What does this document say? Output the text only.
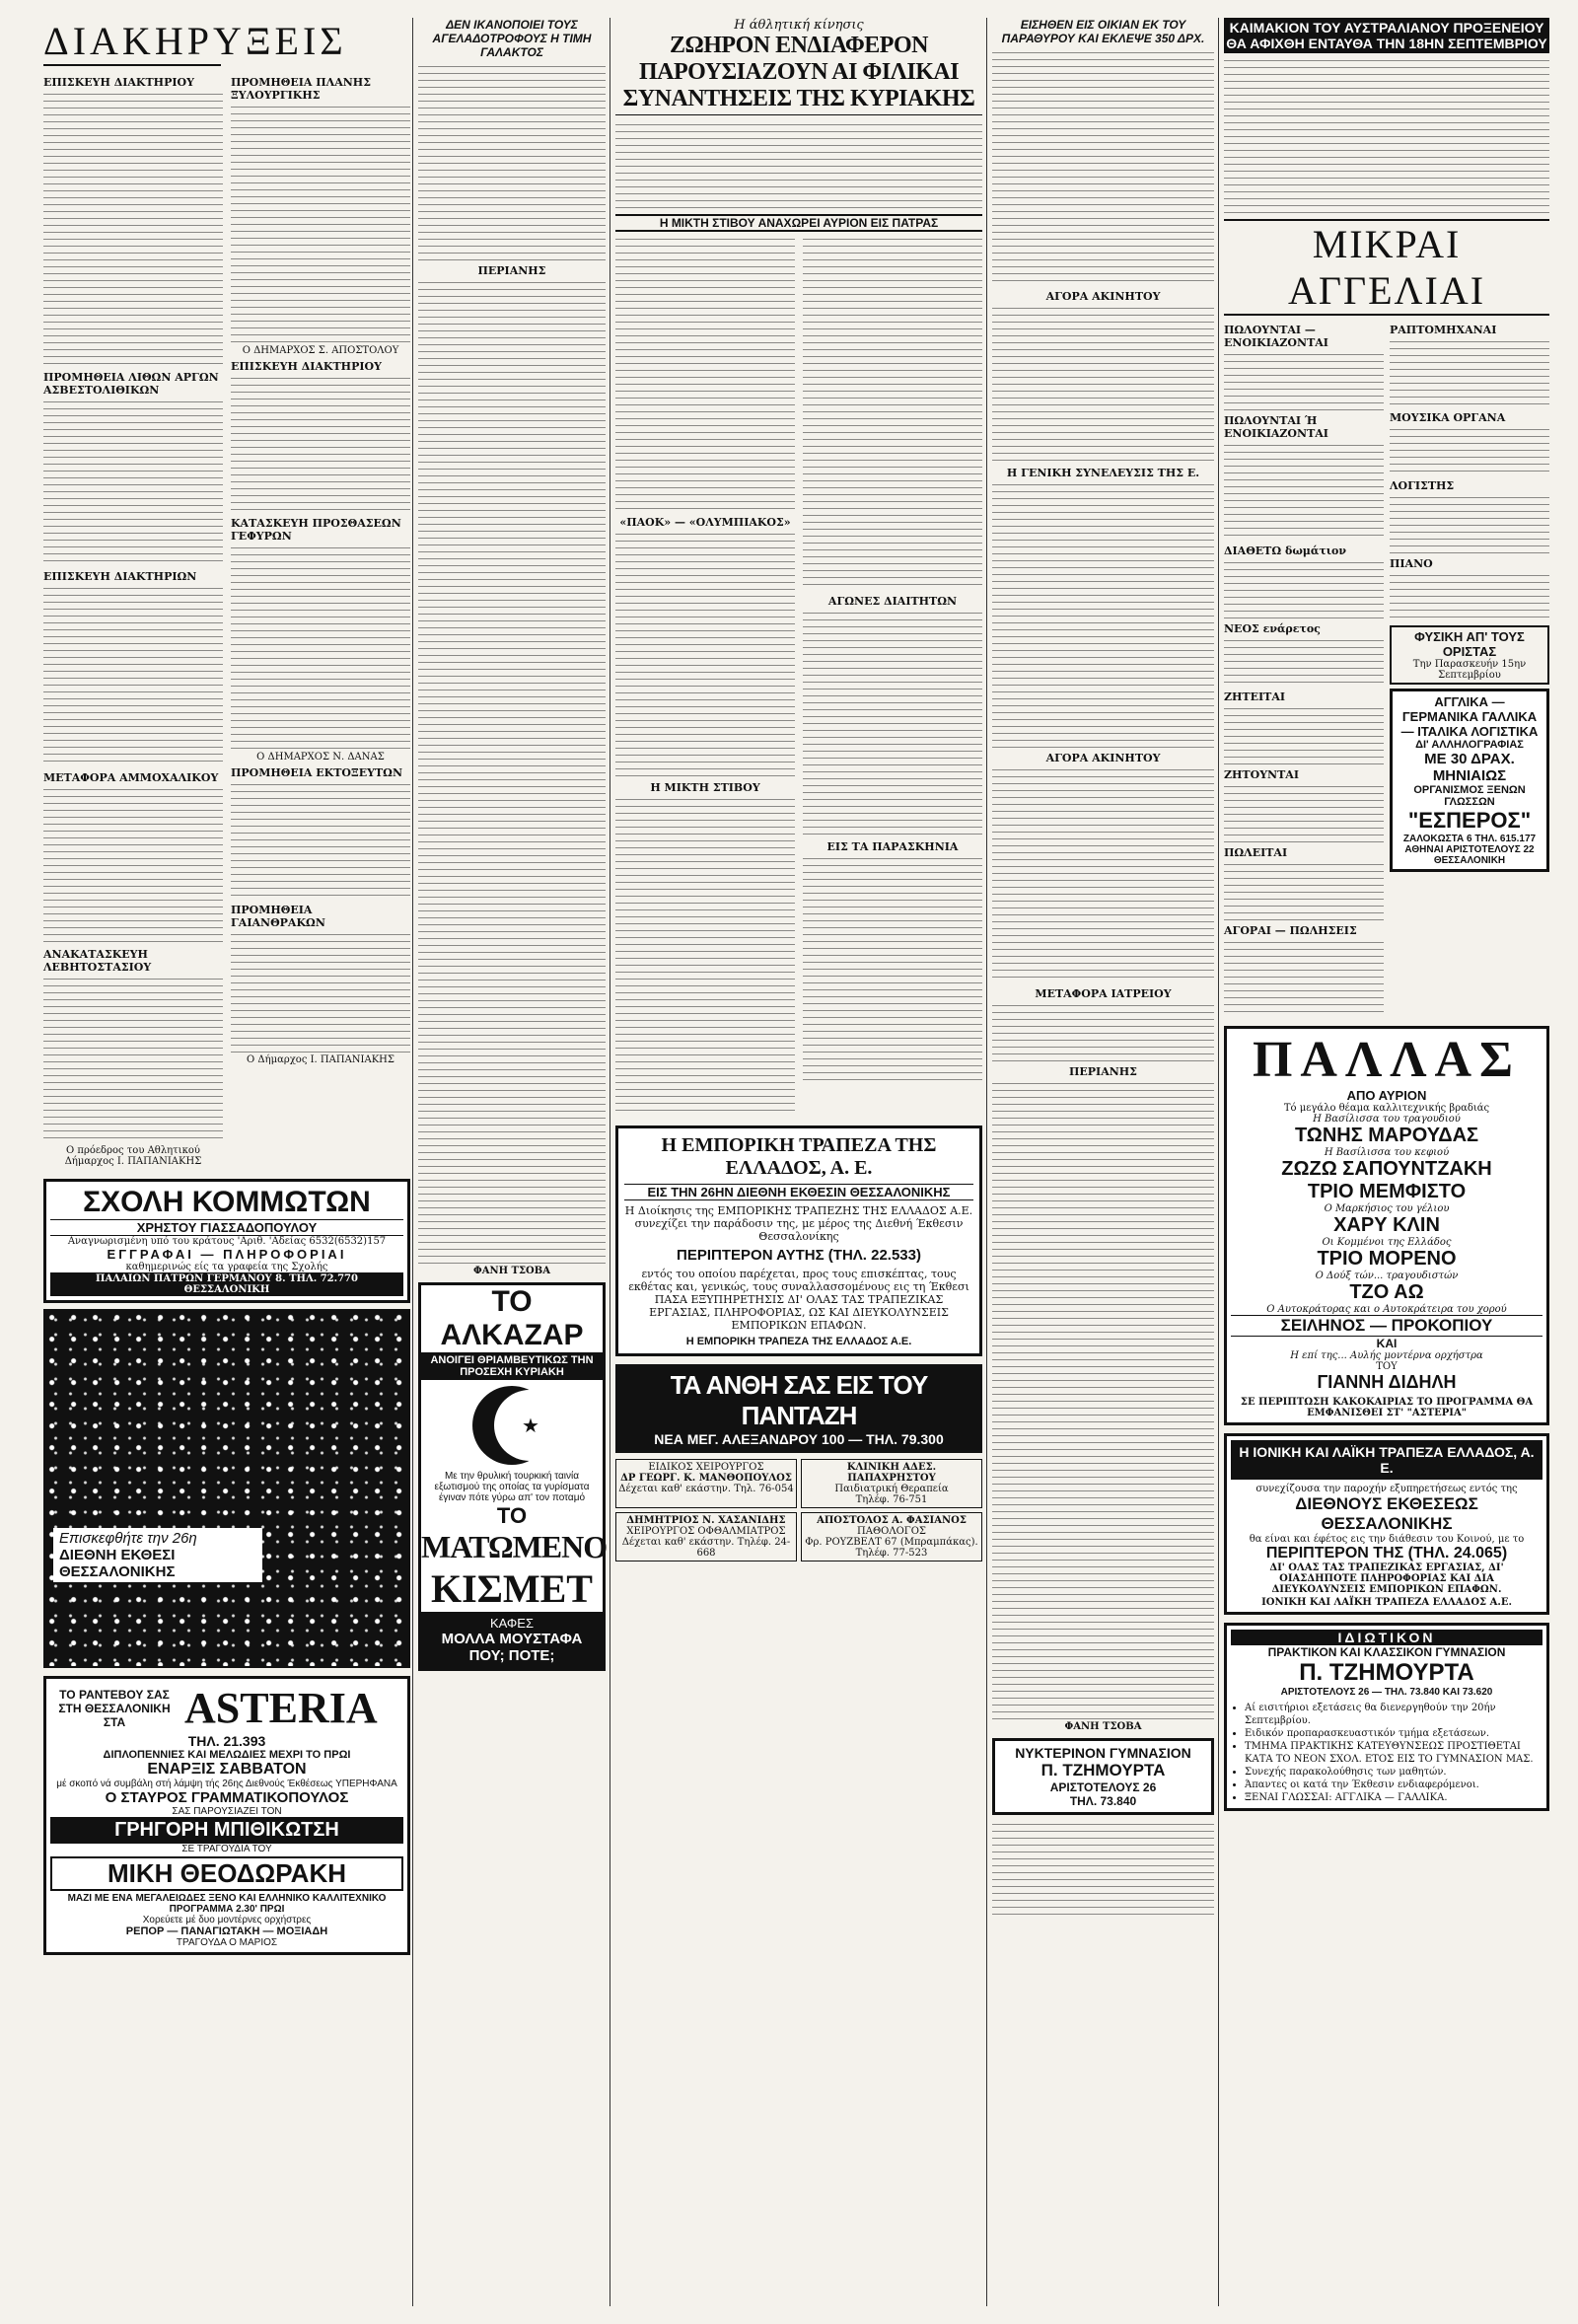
ΔΙΑΚΗΡΥΞΕΙΣ
ΕΠΙΣΚΕΥΗ ΔΙΑΚΤΗΡΙΟΥ
ΠΡΟΜΗΘΕΙΑ ΛΙΘΩΝ ΑΡΓΩΝ ΑΣΒΕΣΤΟΛΙΘΙΚΩΝ
ΕΠΙΣΚΕΥΗ ΔΙΑΚΤΗΡΙΩΝ
ΜΕΤΑΦΟΡΑ ΑΜΜΟΧΑΛΙΚΟΥ
ΑΝΑΚΑΤΑΣΚΕΥΗ ΛΕΒΗΤΟΣΤΑΣΙΟΥ
Ο πρόεδρος του Αθλητικού Δήμαρχος Ι. ΠΑΠΑΝΙΑΚΗΣ
ΠΡΟΜΗΘΕΙΑ ΠΛΑΝΗΣ ΞΥΛΟΥΡΓΙΚΗΣ
Ο ΔΗΜΑΡΧΟΣ Σ. ΑΠΟΣΤΟΛΟΥ
ΕΠΙΣΚΕΥΗ ΔΙΑΚΤΗΡΙΟΥ
ΚΑΤΑΣΚΕΥΗ ΠΡΟΣΘΑΣΕΩΝ ΓΕΦΥΡΩΝ
Ο ΔΗΜΑΡΧΟΣ Ν. ΔΑΝΑΣ
ΠΡΟΜΗΘΕΙΑ ΕΚΤΟΞΕΥΤΩΝ
ΠΡΟΜΗΘΕΙΑ ΓΑΙΑΝΘΡΑΚΩΝ
Ο Δήμαρχος Ι. ΠΑΠΑΝΙΑΚΗΣ
ΣΧΟΛΗ ΚΟΜΜΩΤΩΝ
ΧΡΗΣΤΟΥ ΓΙΑΣΣΑΔΟΠΟΥΛΟΥ
Αναγνωρισμένη υπό του κράτους 'Αριθ. 'Αδείας 6532(6532)157
ΕΓΓΡΑΦΑΙ — ΠΛΗΡΟΦΟΡΙΑΙ
καθημερινώς είς τα γραφεία της Σχολής
ΠΑΛΑΙΩΝ ΠΑΤΡΩΝ ΓΕΡΜΑΝΟΥ 8. ΤΗΛ. 72.770 ΘΕΣΣΑΛΟΝΙΚΗ
Επισκεφθήτε την 26η
ΔΙΕΘΝΗ ΕΚΘΕΣΙ ΘΕΣΣΑΛΟΝΙΚΗΣ
ΤΟ ΡΑΝΤΕΒΟΥ ΣΑΣ ΣΤΗ ΘΕΣΣΑΛΟΝΙΚΗ ΣΤΑ	ASTERIA
ΤΗΛ. 21.393
ΔΙΠΛΟΠΕΝΝΙΕΣ ΚΑΙ ΜΕΛΩΔΙΕΣ ΜΕΧΡΙ ΤΟ ΠΡΩΙ
ΕΝΑΡΞΙΣ ΣΑΒΒΑΤΟΝ
μέ σκοπό νά συμβάλη στή λάμψη τής 26ης Διεθνούς Έκθέσεως ΥΠΕΡΗΦΑΝΑ
Ο ΣΤΑΥΡΟΣ ΓΡΑΜΜΑΤΙΚΟΠΟΥΛΟΣ
ΣΑΣ ΠΑΡΟΥΣΙΑΖΕΙ ΤΟΝ
ΓΡΗΓΟΡΗ ΜΠΙΘΙΚΩΤΣΗ
ΣΕ ΤΡΑΓΟΥΔΙΑ ΤΟΥ
ΜΙΚΗ ΘΕΟΔΩΡΑΚΗ
ΜΑΖΙ ΜΕ ΕΝΑ ΜΕΓΑΛΕΙΩΔΕΣ ΞΕΝΟ ΚΑΙ ΕΛΛΗΝΙΚΟ ΚΑΛΛΙΤΕΧΝΙΚΟ ΠΡΟΓΡΑΜΜΑ 2.30' ΠΡΩΙ
Χορεύετε μέ δυο μοντέρνες ορχήστρες
ΡΕΠΟΡ — ΠΑΝΑΓΙΩΤΑΚΗ — ΜΟΞΙΑΔΗ
ΤΡΑΓΟΥΔΑ Ο ΜΑΡΙΟΣ
ΔΕΝ ΙΚΑΝΟΠΟΙΕΙ ΤΟΥΣ ΑΓΕΛΑΔΟΤΡΟΦΟΥΣ Η ΤΙΜΗ ΓΑΛΑΚΤΟΣ
ΠΕΡΙΑΝΗΣ
ΦΑΝΗ ΤΣΟΒΑ
ΤΟ ΑΛΚΑΖΑΡ
ΑΝΟΙΓΕΙ ΘΡΙΑΜΒΕΥΤΙΚΩΣ ΤΗΝ ΠΡΟΣΕΧΗ ΚΥΡΙΑΚΗ
★
Με την θρυλική τουρκική ταινία εξωτισμού της οποίας τα γυρίσματα έγιναν πότε γύρω απ' τον ποταμό
ΤΟ
ΜΑΤΩΜΕΝΟ
ΚΙΣΜΕΤ
ΚΑΦΕΣ
ΜΟΛΛΑ ΜΟΥΣΤΑΦΑ
ΠΟΥ; ΠΟΤΕ;
Η άθλητική κίνησις
ΖΩΗΡΟΝ ΕΝΔΙΑΦΕΡΟΝ ΠΑΡΟΥΣΙΑΖΟΥΝ ΑΙ ΦΙΛΙΚΑΙ ΣΥΝΑΝΤΗΣΕΙΣ ΤΗΣ ΚΥΡΙΑΚΗΣ
Η ΜΙΚΤΗ ΣΤΙΒΟΥ ΑΝΑΧΩΡΕΙ ΑΥΡΙΟΝ ΕΙΣ ΠΑΤΡΑΣ
«ΠΑΟΚ» — «ΟΛΥΜΠΙΑΚΟΣ»
Η ΜΙΚΤΗ ΣΤΙΒΟΥ
ΑΓΩΝΕΣ ΔΙΑΙΤΗΤΩΝ
ΕΙΣ ΤΑ ΠΑΡΑΣΚΗΝΙΑ
Η ΕΜΠΟΡΙΚΗ ΤΡΑΠΕΖΑ ΤΗΣ ΕΛΛΑΔΟΣ, Α. Ε.
ΕΙΣ ΤΗΝ 26ΗΝ ΔΙΕΘΝΗ ΕΚΘΕΣΙΝ ΘΕΣΣΑΛΟΝΙΚΗΣ
Η Διοίκησις της ΕΜΠΟΡΙΚΗΣ ΤΡΑΠΕΖΗΣ ΤΗΣ ΕΛΛΑΔΟΣ Α.Ε. συνεχίζει την παράδοσιν της, με μέρος της Διεθνή Έκθεσιν Θεσσαλονίκης
ΠΕΡΙΠΤΕΡΟΝ ΑΥΤΗΣ (ΤΗΛ. 22.533)
εντός του οποίου παρέχεται, προς τους επισκέπτας, τους εκθέτας και, γενικώς, τους συναλλασσομένους εις τη Έκθεσι ΠΑΣΑ ΕΞΥΠΗΡΕΤΗΣΙΣ ΔΙ' ΟΛΑΣ ΤΑΣ ΤΡΑΠΕΖΙΚΑΣ ΕΡΓΑΣΙΑΣ, ΠΛΗΡΟΦΟΡΙΑΣ, ΩΣ ΚΑΙ ΔΙΕΥΚΟΛΥΝΣΕΙΣ ΕΜΠΟΡΙΚΩΝ ΕΠΑΦΩΝ.
Η ΕΜΠΟΡΙΚΗ ΤΡΑΠΕΖΑ ΤΗΣ ΕΛΛΑΔΟΣ Α.Ε.
ΤΑ ΑΝΘΗ ΣΑΣ ΕΙΣ ΤΟΥ ΠΑΝΤΑΖΗ
ΝΕΑ ΜΕΓ. ΑΛΕΞΑΝΔΡΟΥ 100 — ΤΗΛ. 79.300
ΕΙΔΙΚΟΣ ΧΕΙΡΟΥΡΓΟΣ
ΔΡ ΓΕΩΡΓ. Κ. ΜΑΝΘΟΠΟΥΛΟΣ
Δέχεται καθ' εκάστην. Τηλ. 76-054
ΚΛΙΝΙΚΗ ΑΔΕΣ. ΠΑΠΑΧΡΗΣΤΟΥ
Παιδιατρική Θεραπεία
Τηλέφ. 76-751
ΔΗΜΗΤΡΙΟΣ Ν. ΧΑΣΑΝΙΔΗΣ
ΧΕΙΡΟΥΡΓΟΣ ΟΦΘΑΛΜΙΑΤΡΟΣ
Δέχεται καθ' εκάστην. Τηλέφ. 24-668
ΑΠΟΣΤΟΛΟΣ Α. ΦΑΣΙΑΝΟΣ
ΠΑΘΟΛΟΓΟΣ
Φρ. ΡΟΥΖΒΕΛΤ 67 (Μπραμπάκας). Τηλέφ. 77-523
ΕΙΣΗΘΕΝ ΕΙΣ ΟΙΚΙΑΝ ΕΚ ΤΟΥ ΠΑΡΑΘΥΡΟΥ ΚΑΙ ΕΚΛΕΨΕ 350 ΔΡΧ.
ΑΓΟΡΑ ΑΚΙΝΗΤΟΥ
Η ΓΕΝΙΚΗ ΣΥΝΕΛΕΥΣΙΣ ΤΗΣ Ε.
ΑΓΟΡΑ ΑΚΙΝΗΤΟΥ
ΜΕΤΑΦΟΡΑ ΙΑΤΡΕΙΟΥ
ΠΕΡΙΑΝΗΣ
ΦΑΝΗ ΤΣΟΒΑ
ΝΥΚΤΕΡΙΝΟΝ ΓΥΜΝΑΣΙΟΝ
Π. ΤΖΗΜΟΥΡΤΑ
ΑΡΙΣΤΟΤΕΛΟΥΣ 26
ΤΗΛ. 73.840
ΚΑΙΜΑΚΙΟΝ ΤΟΥ ΑΥΣΤΡΑΛΙΑΝΟΥ ΠΡΟΞΕΝΕΙΟΥ ΘΑ ΑΦΙΧΘΗ ΕΝΤΑΥΘΑ ΤΗΝ 18ΗΝ ΣΕΠΤΕΜΒΡΙΟΥ
ΜΙΚΡΑΙ ΑΓΓΕΛΙΑΙ
ΠΩΛΟΥΝΤΑΙ — ΕΝΟΙΚΙΑΖΟΝΤΑΙ
ΠΩΛΟΥΝΤΑΙ Ή ΕΝΟΙΚΙΑΖΟΝΤΑΙ
ΔΙΑΘΕΤΩ δωμάτιον
ΝΕΟΣ ενάρετος
ΖΗΤΕΙΤΑΙ
ΖΗΤΟΥΝΤΑΙ
ΠΩΛΕΙΤΑΙ
ΑΓΟΡΑΙ — ΠΩΛΗΣΕΙΣ
ΡΑΠΤΟΜΗΧΑΝΑΙ
ΜΟΥΣΙΚΑ ΟΡΓΑΝΑ
ΛΟΓΙΣΤΗΣ
ΠΙΑΝΟ
ΦΥΣΙΚΗ ΑΠ' ΤΟΥΣ ΟΡΙΣΤΑΣ
Την Παρασκευήν 15ην Σεπτεμβρίου
ΑΓΓΛΙΚΑ — ΓΕΡΜΑΝΙΚΑ ΓΑΛΛΙΚΑ — ΙΤΑΛΙΚΑ ΛΟΓΙΣΤΙΚΑ
ΔΙ' ΑΛΛΗΛΟΓΡΑΦΙΑΣ
ΜΕ 30 ΔΡΑΧ. ΜΗΝΙΑΙΩΣ
ΟΡΓΑΝΙΣΜΟΣ ΞΕΝΩΝ ΓΛΩΣΣΩΝ
"ΕΣΠΕΡΟΣ"
ΖΑΛΟΚΩΣΤΑ 6 ΤΗΛ. 615.177 ΑΘΗΝΑΙ ΑΡΙΣΤΟΤΕΛΟΥΣ 22 ΘΕΣΣΑΛΟΝΙΚΗ
ΠΑΛΛΑΣ
ΑΠΟ ΑΥΡΙΟΝ
Τό μεγάλο θέαμα καλλιτεχνικής βραδιάς
Η Βασίλισσα του τραγουδιού
ΤΩΝΗΣ ΜΑΡΟΥΔΑΣ
Η Βασίλισσα του κεφιού
ΖΩΖΩ ΣΑΠΟΥΝΤΖΑΚΗ
ΤΡΙΟ ΜΕΜΦΙΣΤΟ
Ο Μαρκήσιος του γέλιου
ΧΑΡΥ ΚΛΙΝ
Οι Κομμένοι της Ελλάδος
ΤΡΙΟ ΜΟΡΕΝΟ
Ο Δούξ τών... τραγουδιστών
ΤΖΟ ΑΩ
Ο Αυτοκράτορας και ο Αυτοκράτειρα του χορού
ΣΕΙΛΗΝΟΣ — ΠΡΟΚΟΠΙΟΥ
ΚΑΙ
Η επί της... Αυλής μοντέρνα ορχήστρα
ΤΟΥ
ΓΙΑΝΝΗ ΔΙΔΗΛΗ
ΣΕ ΠΕΡΙΠΤΩΣΗ ΚΑΚΟΚΑΙΡΙΑΣ ΤΟ ΠΡΟΓΡΑΜΜΑ ΘΑ ΕΜΦΑΝΙΣΘΕΙ ΣΤ' "ΑΣΤΕΡΙΑ"
Η ΙΟΝΙΚΗ ΚΑΙ ΛΑΪΚΗ ΤΡΑΠΕΖΑ ΕΛΛΑΔΟΣ, Α. Ε.
συνεχίζουσα την παροχήν εξυπηρετήσεως εντός της
ΔΙΕΘΝΟΥΣ ΕΚΘΕΣΕΩΣ ΘΕΣΣΑΛΟΝΙΚΗΣ
θα είναι και έφέτος εις την διάθεσιν του Κοινού, με το
ΠΕΡΙΠΤΕΡΟΝ ΤΗΣ (ΤΗΛ. 24.065)
ΔΙ' ΟΛΑΣ ΤΑΣ ΤΡΑΠΕΖΙΚΑΣ ΕΡΓΑΣΙΑΣ, ΔΙ' ΟΙΑΣΔΗΠΟΤΕ ΠΛΗΡΟΦΟΡΙΑΣ ΚΑΙ ΔΙΑ ΔΙΕΥΚΟΛΥΝΣΕΙΣ ΕΜΠΟΡΙΚΩΝ ΕΠΑΦΩΝ.
ΙΟΝΙΚΗ ΚΑΙ ΛΑΪΚΗ ΤΡΑΠΕΖΑ ΕΛΛΑΔΟΣ Α.Ε.
ΙΔΙΩΤΙΚΟΝ
ΠΡΑΚΤΙΚΟΝ ΚΑΙ ΚΛΑΣΣΙΚΟΝ ΓΥΜΝΑΣΙΟΝ
Π. ΤΖΗΜΟΥΡΤΑ
ΑΡΙΣΤΟΤΕΛΟΥΣ 26 — ΤΗΛ. 73.840 ΚΑΙ 73.620
• Αί εισιτήριοι εξετάσεις θα διενεργηθούν την 20ήν Σεπτεμβρίου.
• Ειδικόν προπαρασκευαστικόν τμήμα εξετάσεων.
• ΤΜΗΜΑ ΠΡΑΚΤΙΚΗΣ ΚΑΤΕΥΘΥΝΣΕΩΣ ΠΡΟΣΤΙΘΕΤΑΙ ΚΑΤΑ ΤΟ ΝΕΟΝ ΣΧΟΛ. ΕΤΟΣ ΕΙΣ ΤΟ ΓΥΜΝΑΣΙΟΝ ΜΑΣ.
• Συνεχής παρακολούθησις των μαθητών.
• Άπαντες οι κατά την Έκθεσιν ενδιαφερόμενοι.
• ΞΕΝΑΙ ΓΛΩΣΣΑΙ: ΑΓΓΛΙΚΑ — ΓΑΛΛΙΚΑ.
